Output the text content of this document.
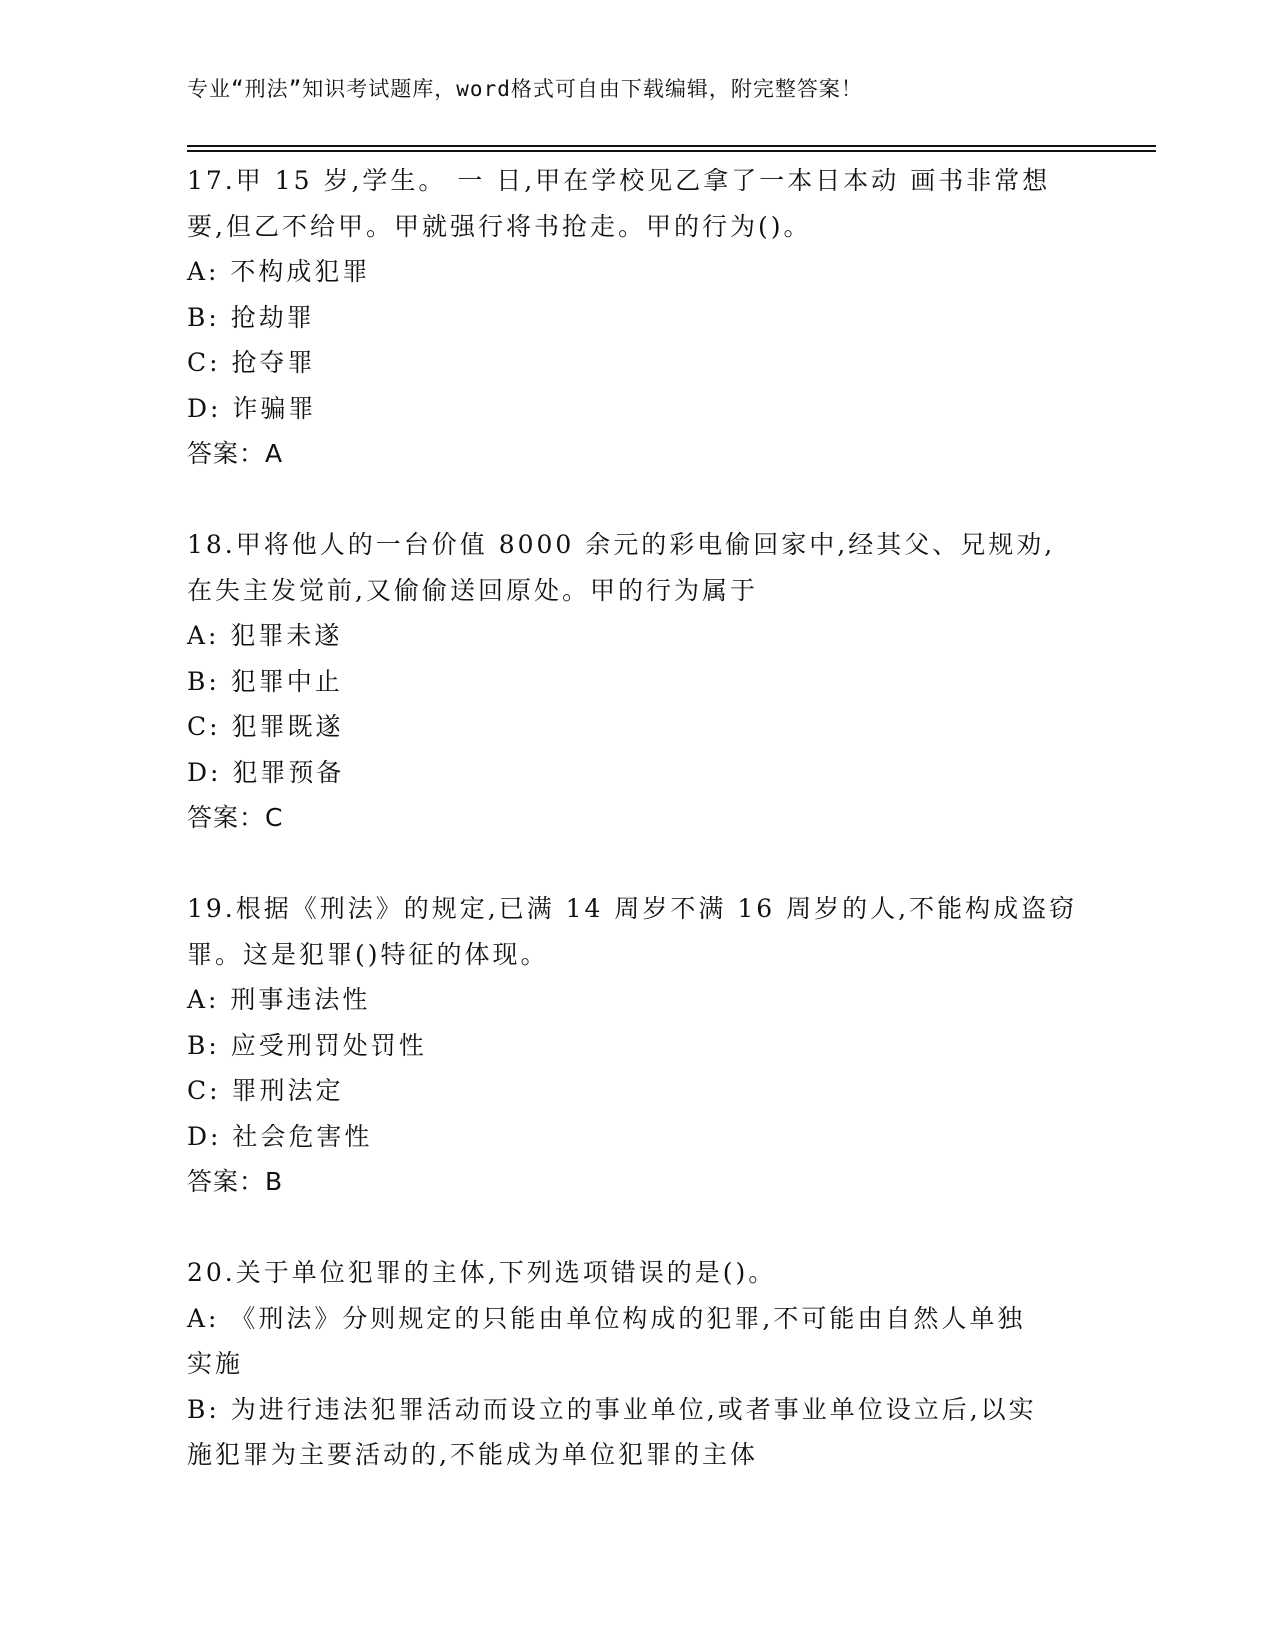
专业“刑法”知识考试题库，word格式可自由下载编辑，附完整答案！
17.甲 15 岁,学生。 一 日,甲在学校见乙拿了一本日本动 画书非常想
要,但乙不给甲。甲就强行将书抢走。甲的行为()。
A: 不构成犯罪
B: 抢劫罪
C: 抢夺罪
D: 诈骗罪
答案：A
18.甲将他人的一台价值 8000 余元的彩电偷回家中,经其父、兄规劝,
在失主发觉前,又偷偷送回原处。甲的行为属于
A: 犯罪未遂
B: 犯罪中止
C: 犯罪既遂
D: 犯罪预备
答案：C
19.根据《刑法》的规定,已满 14 周岁不满 16 周岁的人,不能构成盗窃
罪。这是犯罪()特征的体现。
A: 刑事违法性
B: 应受刑罚处罚性
C: 罪刑法定
D: 社会危害性
答案：B
20.关于单位犯罪的主体,下列选项错误的是()。
A: 《刑法》分则规定的只能由单位构成的犯罪,不可能由自然人单独
实施
B: 为进行违法犯罪活动而设立的事业单位,或者事业单位设立后,以实
施犯罪为主要活动的,不能成为单位犯罪的主体
